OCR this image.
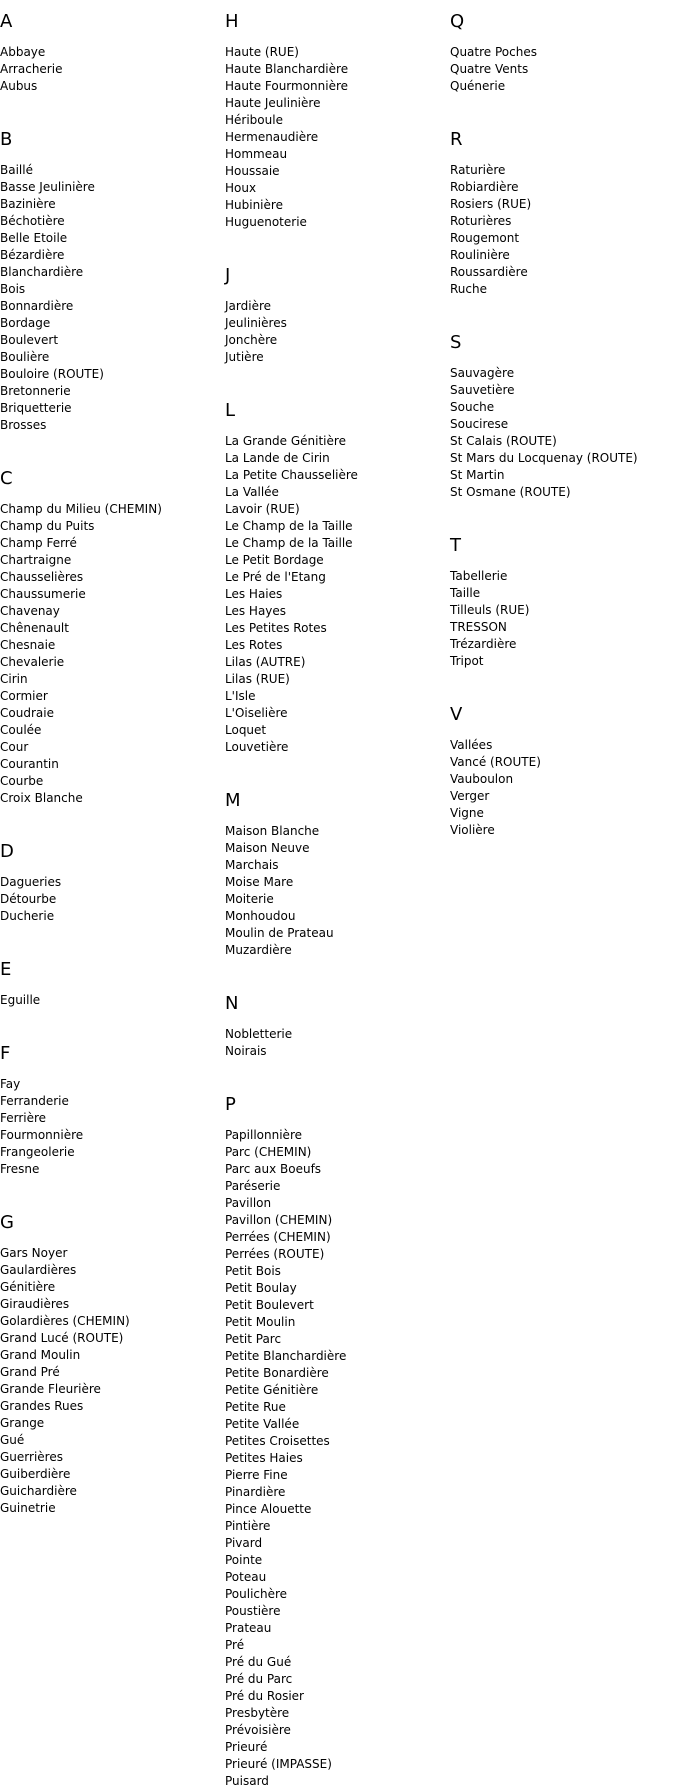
A
Abbaye
Arracherie
Aubus
B
Baillé
Basse Jeulinière
Bazinière
Béchotière
Belle Etoile
Bézardière
Blanchardière
Bois
Bonnardière
Bordage
Boulevert
Boulière
Bouloire (ROUTE)
Bretonnerie
Briquetterie
Brosses
C
Champ du Milieu (CHEMIN)
Champ du Puits
Champ Ferré
Chartraigne
Chausselières
Chaussumerie
Chavenay
Chênenault
Chesnaie
Chevalerie
Cirin
Cormier
Coudraie
Coulée
Cour
Courantin
Courbe
Croix Blanche
D
Dagueries
Détourbe
Ducherie
E
Eguille
F
Fay
Ferranderie
Ferrière
Fourmonnière
Frangeolerie
Fresne
G
Gars Noyer
Gaulardières
Génitière
Giraudières
Golardières (CHEMIN)
Grand Lucé (ROUTE)
Grand Moulin
Grand Pré
Grande Fleurière
Grandes Rues
Grange
Gué
Guerrières
Guiberdière
Guichardière
Guinetrie
H
Haute (RUE)
Haute Blanchardière
Haute Fourmonnière
Haute Jeulinière
Hériboule
Hermenaudière
Hommeau
Houssaie
Houx
Hubinière
Huguenoterie
J
Jardière
Jeulinières
Jonchère
Jutière
L
La Grande Génitière
La Lande de Cirin
La Petite Chausselière
La Vallée
Lavoir (RUE)
Le Champ de la Taille
Le Champ de la Taille
Le Petit Bordage
Le Pré de l'Etang
Les Haies
Les Hayes
Les Petites Rotes
Les Rotes
Lilas (AUTRE)
Lilas (RUE)
L'Isle
L'Oiselière
Loquet
Louvetière
M
Maison Blanche
Maison Neuve
Marchais
Moise Mare
Moiterie
Monhoudou
Moulin de Prateau
Muzardière
N
Nobletterie
Noirais
P
Papillonnière
Parc (CHEMIN)
Parc aux Boeufs
Paréserie
Pavillon
Pavillon (CHEMIN)
Perrées (CHEMIN)
Perrées (ROUTE)
Petit Bois
Petit Boulay
Petit Boulevert
Petit Moulin
Petit Parc
Petite Blanchardière
Petite Bonardière
Petite Génitière
Petite Rue
Petite Vallée
Petites Croisettes
Petites Haies
Pierre Fine
Pinardière
Pince Alouette
Pintière
Pivard
Pointe
Poteau
Poulichère
Poustière
Prateau
Pré
Pré du Gué
Pré du Parc
Pré du Rosier
Presbytère
Prévoisière
Prieuré
Prieuré (IMPASSE)
Puisard
Q
Quatre Poches
Quatre Vents
Quénerie
R
Raturière
Robiardière
Rosiers (RUE)
Roturières
Rougemont
Roulinière
Roussardière
Ruche
S
Sauvagère
Sauvetière
Souche
Soucirese
St Calais (ROUTE)
St Mars du Locquenay (ROUTE)
St Martin
St Osmane (ROUTE)
T
Tabellerie
Taille
Tilleuls (RUE)
TRESSON
Trézardière
Tripot
V
Vallées
Vancé (ROUTE)
Vauboulon
Verger
Vigne
Violière
